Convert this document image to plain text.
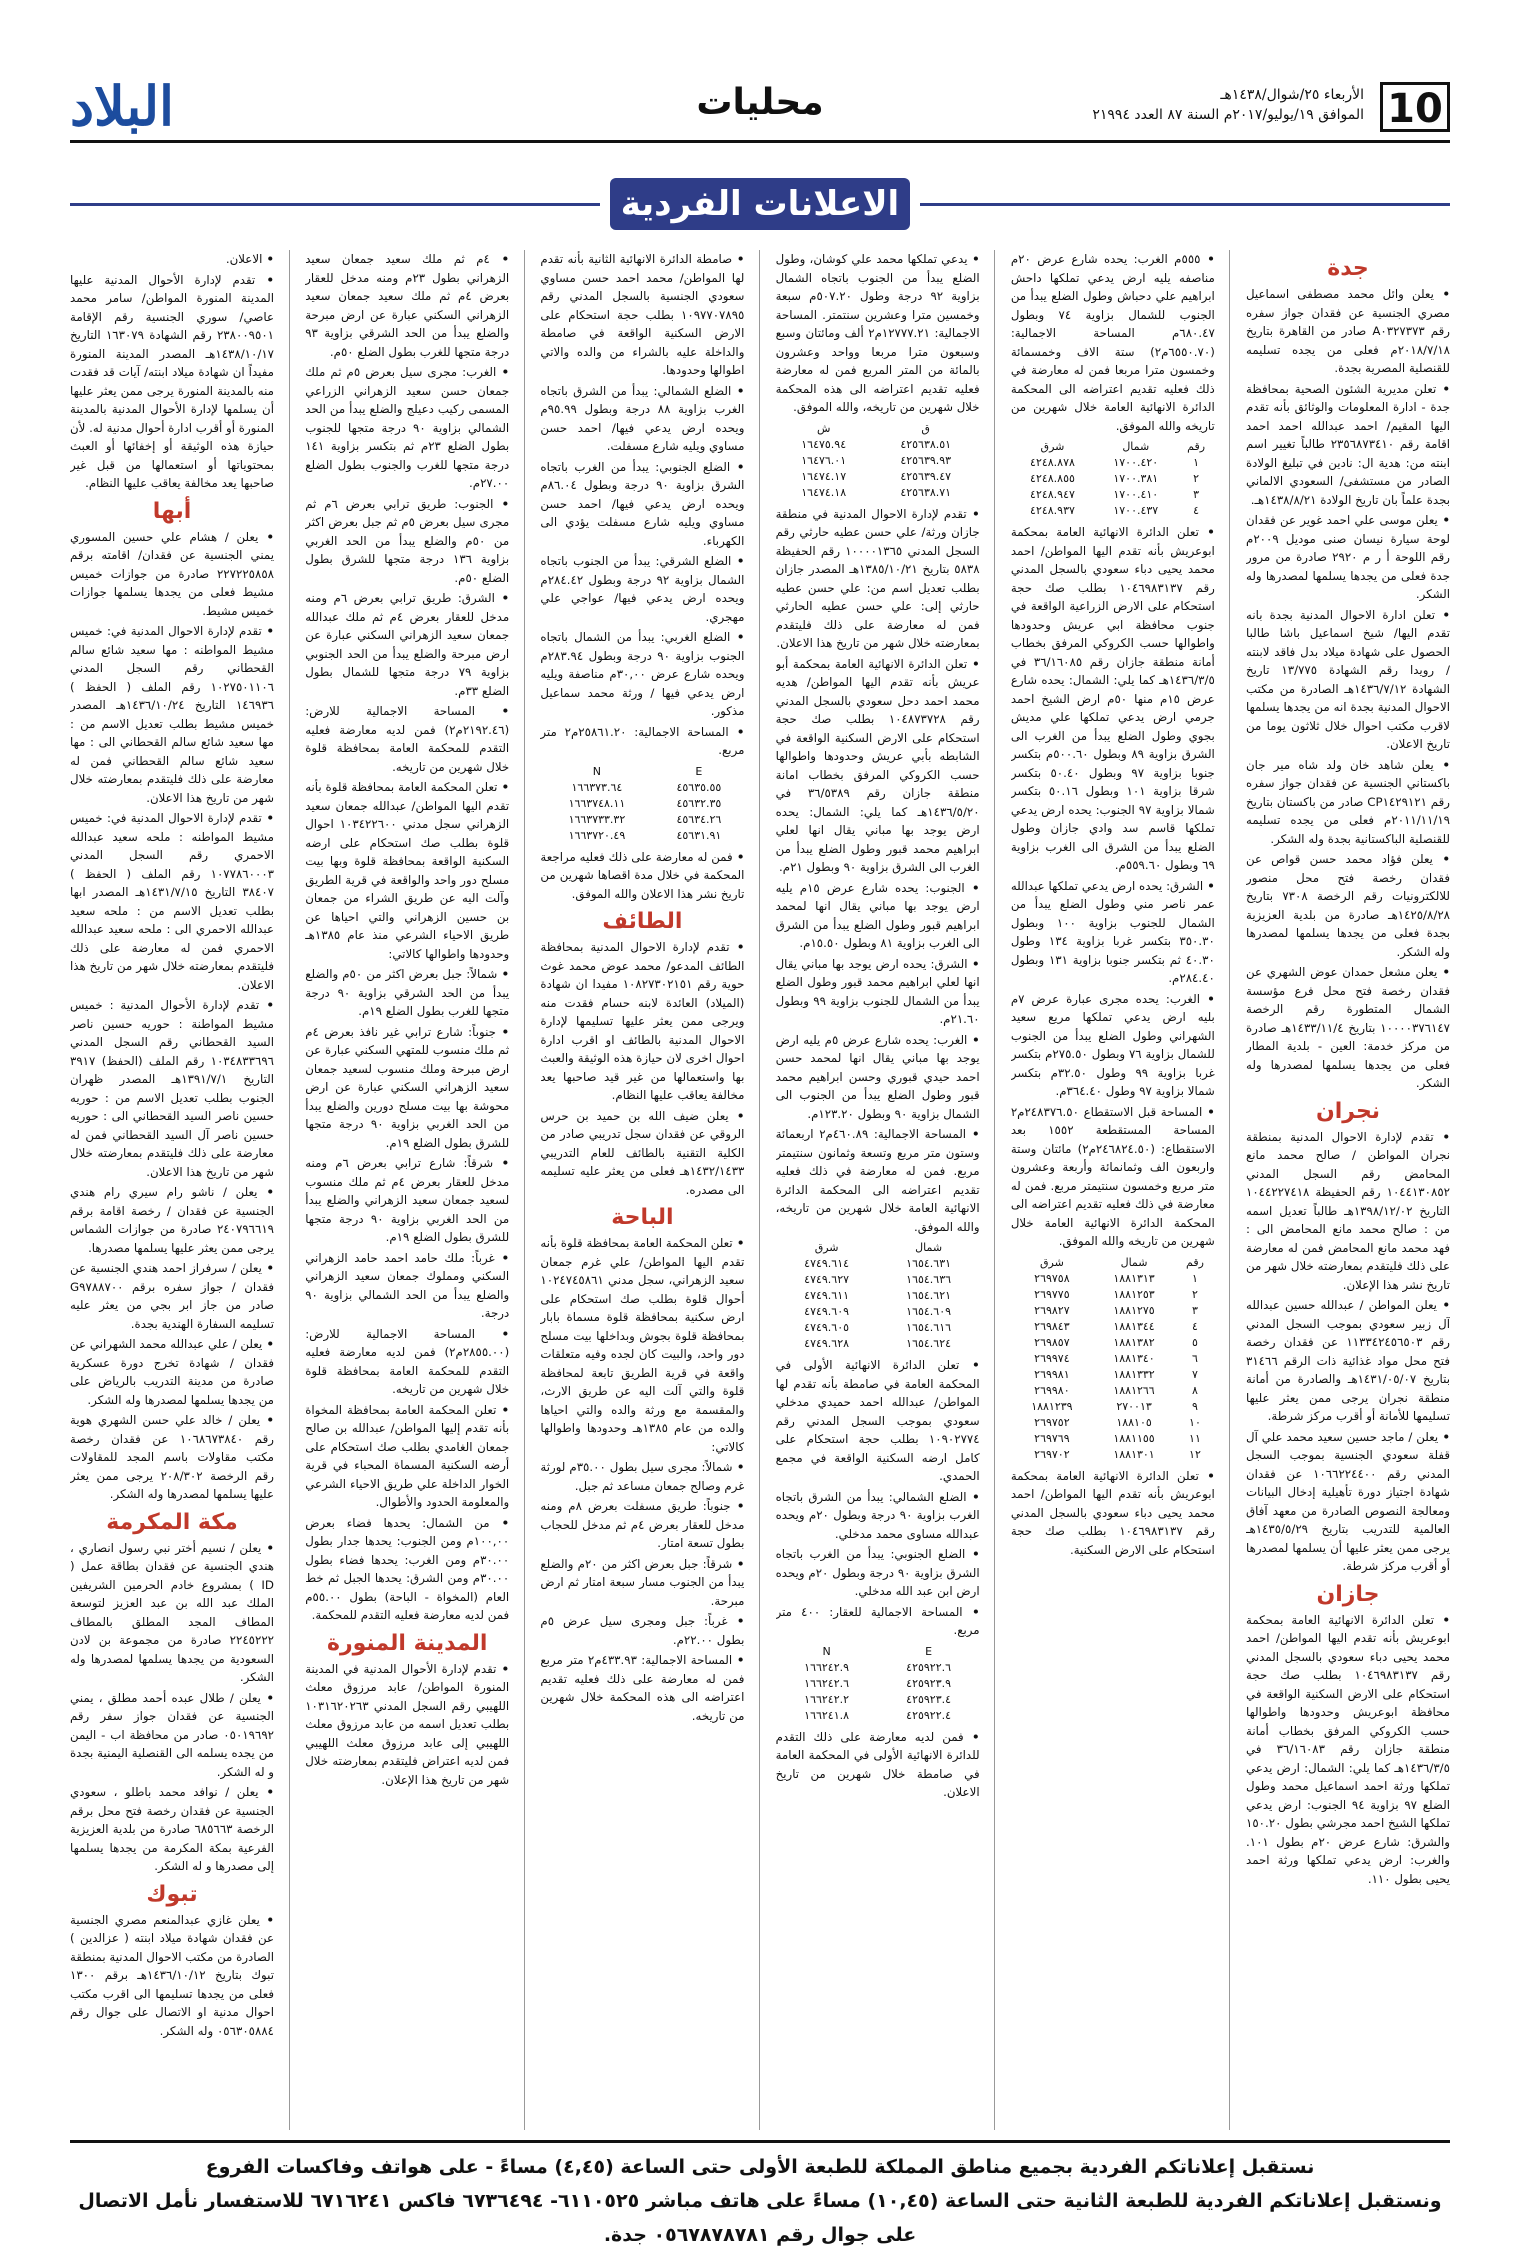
10
الأربعاء ٢٥/شوال/١٤٣٨هـ
الموافق ١٩/يوليو/٢٠١٧م السنة ٨٧ العدد ٢١٩٩٤
محليات
البلاد
الاعلانات الفردية
جدة

• يعلن وائل محمد مصطفى اسماعيل مصري الجنسية عن فقدان جواز سفره رقم A٠٣٢٧٣٧٣ صادر من القاهرة بتاريخ ٢٠١٨/٧/١٨م فعلى من يجده تسليمه للقنصلية المصرية بجدة.

• تعلن مديرية الشئون الصحية بمحافظة جدة - ادارة المعلومات والوثائق بأنه تقدم اليها المقيم/ احمد عبدالله احمد احمد اقامة رقم ٢٣٥٦٨٧٣٤١٠ طالباً تغيير اسم ابنته من: هدية ال: نادين في تبليغ الولادة الصادر من مستشفى/ السعودي الالماني بجدة علماً بان تاريخ الولادة ١٤٣٨/٨/٢١هـ.

• يعلن موسى علي احمد غوير عن فقدان لوحة سيارة نيسان صنى موديل ٢٠٠٩م رقم اللوحة أ ر م ٢٩٢٠ صادرة من مرور جدة فعلى من يجدها يسلمها لمصدرها وله الشكر.

• تعلن ادارة الاحوال المدنية بجدة بانه تقدم اليها/ شيخ اسماعيل باشا طالبا الحصول على شهادة ميلاد بدل فاقد لابنته / رويدا رقم الشهادة ١٣/٧٧٥ تاريخ الشهادة ١٤٣٦/٧/١٢هـ الصادرة من مكتب الاحوال المدنية بجدة انه من يجدها يسلمها لاقرب مكتب احوال خلال ثلاثون يوما من تاريخ الاعلان.

• يعلن شاهد خان ولد شاه مير جان باكستاني الجنسية عن فقدان جواز سفره رقم CP١٤٢٩١٢١ صادر من باكستان بتاريخ ٢٠١١/١١/١٩م فعلى من يجده تسليمه للقنصلية الباكستانية بجدة وله الشكر.

• يعلن فؤاد محمد حسن قواص عن فقدان رخصة فتح محل منصور للالكترونيات رقم الرخصة ٧٣٠٨ بتاريخ ١٤٢٥/٨/٢٨هـ صادرة من بلدية العزيزية بجدة فعلى من يجدها يسلمها لمصدرها وله الشكر.

• يعلن مشعل حمدان عوض الشهري عن فقدان رخصة فتح محل فرع مؤسسة الشمال المتطورة رقم الرخصة ١٠٠٠٠٣٧٦١٤٧ بتاريخ ١٤٣٣/١١/٤هـ صادرة من مركز خدمة: العين - بلدية المطار فعلى من يجدها يسلمها لمصدرها وله الشكر.

نجران

• تقدم لإدارة الاحوال المدنية بمنطقة نجران المواطن / صالح محمد مانع المحامض رقم السجل المدني ١٠٤٤١٣٠٨٥٢ رقم الحفيظة ١٠٤٤٢٢٧٤١٨ التاريخ ١٣٩٨/١٢/٠٢هـ طالباً تعديل اسمه من : صالح محمد مانع المحامض الى : فهد محمد مانع المحامض فمن له معارضة على ذلك فليتقدم بمعارضته خلال شهر من تاريخ نشر هذا الإعلان.

• يعلن المواطن / عبدالله حسين عبدالله آل زبير سعودي بموجب السجل المدني رقم ١١٣٣٤٢٤٥٦٥٠٣ عن فقدان رخصة فتح محل مواد غذائية ذات الرقم ٣١٤٦٦ بتاريخ ١٤٣١/٠٥/٠٧هـ والصادرة من أمانة منطقة نجران يرجى ممن يعثر عليها تسليمها للأمانة أو أقرب مركز شرطة.

• يعلن / ماجد حسين سعيد محمد علي آل قفلة سعودي الجنسية بموجب السجل المدني رقم ١٠٦٦٢٢٤٤٠٠ عن فقدان شهادة اجتياز دورة تأهيلية إدخال البيانات ومعالجة النصوص الصادرة من معهد آفاق العالمية للتدريب بتاريخ ١٤٣٥/٥/٢٩هـ يرجى ممن يعثر عليها أن يسلمها لمصدرها أو أقرب مركز شرطة.

جازان

• تعلن الدائرة الانهائية العامة بمحكمة ابوعريش بأنه تقدم اليها المواطن/ احمد محمد يحيى دباء سعودي بالسجل المدني رقم ١٠٤٦٩٨٣١٣٧ بطلب صك حجة استحكام على الارض السكنية الواقعة في محافظة ابوعريش وحدودها واطوالها حسب الكروكي المرفق بخطاب أمانة منطقة جازان رقم ٣٦/١٦٠٨٣ في ١٤٣٦/٣/٥هـ كما يلي: الشمال: ارض يدعي تملكها ورثة احمد اسماعيل محمد وطول الضلع ٩٧ بزاوية ٩٤ الجنوب: ارض يدعي تملكها الشيخ احمد مجرشي بطول ١٥٠.٢٠ والشرق: شارع عرض ٢٠م بطول ١٠١. والغرب: ارض يدعي تملكها ورثة احمد يحيى بطول ١١٠.

• ٥٥٥م الغرب: يحده شارع عرض ٢٠م مناصفه يليه ارض يدعي تملكها داحش ابراهيم علي دحباش وطول الضلع يبدأ من الجنوب للشمال بزاوية ٧٤ وبطول ٦٨٠.٤٧م المساحة الاجمالية: (٦٥٥٠.٧٠م٢) ستة الاف وخمسمائة وخمسون مترا مربعا فمن له معارضة في ذلك فعليه تقديم اعتراضه الى المحكمة الدائرة الانهائية العامة خلال شهرين من تاريخه والله الموفق.

شرق	شمال	رقم
٤٢٤٨.٨٧٨	١٧٠٠.٤٢٠	١
٤٢٤٨.٨٥٥	١٧٠٠.٣٨١	٢
٤٢٤٨.٩٤٧	١٧٠٠.٤١٠	٣
٤٢٤٨.٩٣٧	١٧٠٠.٤٣٧	٤

• تعلن الدائرة الانهائية العامة بمحكمة ابوعريش بأنه تقدم اليها المواطن/ احمد محمد يحيى دباء سعودي بالسجل المدني رقم ١٠٤٦٩٨٣١٣٧ بطلب صك حجة استحكام على الارض الزراعية الواقعة في جنوب محافظة ابي عريش وحدودها واطوالها حسب الكروكي المرفق بخطاب أمانة منطقة جازان رقم ٣٦/١٦٠٨٥ في ١٤٣٦/٣/٥هـ كما يلي: الشمال: يحده شارع عرض ١٥م منها ٥٠م ارض الشيخ احمد جرمي ارض يدعي تملكها علي مديش بجوي وطول الضلع يبدأ من الغرب الى الشرق بزاوية ٨٩ وبطول ٥٠٠.٦٠م بتكسر جنوبا بزاوية ٩٧ وبطول ٥٠.٤٠ بتكسر شرقا بزاوية ١٠١ وبطول ٥٠.١٦ بتكسر شمالا بزاوية ٩٧ الجنوب: يحده ارض يدعي تملكها قاسم سد وادي جازان وطول الضلع يبدأ من الشرق الى الغرب بزاوية ٦٩ وبطول ٥٥٩.٦٠م.

• الشرق: يحده ارض يدعي تملكها عبدالله عمر ناصر مني وطول الضلع يبدأ من الشمال للجنوب بزاوية ١٠٠ وبطول ٣٥٠.٣٠ بتكسر غربا بزاوية ١٣٤ وطول ٤٠.٣٠ ثم بتكسر جنوبا بزاوية ١٣١ وبطول ٢٨٤.٤٠م.

• الغرب: يحده مجرى عبارة عرض ٧م بليه ارض يدعي تملكها مريع سعيد الشهراني وطول الضلع يبدأ من الجنوب للشمال بزاوية ٧٦ وبطول ٢٧٥.٥٠م بتكسر غربا بزاوية ٩٩ وطول ٣٢.٥٠م بتكسر شمالا بزاوية ٩٧ وطول ٣٦٤.٤٠م.

• المساحة قبل الاستقطاع ٢٤٨٣٧٦.٥٠م٢ المساحة المستقطعة ١٥٥٢ بعد الاستقطاع: (٢٤٦٨٢٤.٥٠م٢) مائتان وستة واربعون الف وثمانمائة وأربعة وعشرون متر مربع وخمسون سنتيمتر مربع. فمن له معارضة في ذلك فعليه تقديم اعتراضه الى المحكمة الدائرة الانهائية العامة خلال شهرين من تاريخه والله الموفق.

شرق	شمال	رقم
٢٦٩٧٥٨	١٨٨١٣١٣	١
٢٦٩٧٧٥	١٨٨١٢٥٣	٢
٢٦٩٨٢٧	١٨٨١٢٧٥	٣
٢٦٩٨٤٣	١٨٨١٣٤٤	٤
٢٦٩٨٥٧	١٨٨١٣٨٢	٥
٢٦٩٩٧٤	١٨٨١٣٤٠	٦
٢٦٩٩٨١	١٨٨١٣٣٢	٧
٢٦٩٩٨٠	١٨٨١٢٦٦	٨
١٨٨١٢٣٩	٢٧٠٠١٣	٩
٢٦٩٧٥٢	١٨٨١٠٥	١٠
٢٦٩٧٦٩	١٨٨١١٥٥	١١
٢٦٩٧٠٢	١٨٨١٣٠١	١٢

• تعلن الدائرة الانهائية العامة بمحكمة ابوعريش بأنه تقدم اليها المواطن/ احمد محمد يحيى دباء سعودي بالسجل المدني رقم ١٠٤٦٩٨٣١٣٧ بطلب صك حجة استحكام على الارض السكنية.

• يدعي تملكها محمد علي كوشان، وطول الضلع يبدأ من الجنوب باتجاه الشمال بزاوية ٩٢ درجة وطول ٥٠٧.٢٠م سبعة وخمسين مترا وعشرين سنتمتر. المساحة الاجمالية: ١٢٧٧٧.٢١م٢ ألف ومائتان وسبع وسبعون مترا مربعا وواحد وعشرون بالمائة من المتر المربع فمن له معارضة فعليه تقديم اعتراضه الى هذه المحكمة خلال شهرين من تاريخه، والله الموفق.

ش	ق
١٦٤٧٥.٩٤	٤٢٥٦٣٨.٥١
١٦٤٧٦.٠١	٤٢٥٦٣٩.٩٣
١٦٤٧٤.١٧	٤٢٥٦٣٩.٤٧
١٦٤٧٤.١٨	٤٢٥٦٣٨.٧١

• تقدم لإدارة الاحوال المدنية في منطقة جازان ورثة/ علي حسن عطيه حارثي رقم السجل المدني ١٠٠٠٠١٣٦٥ رقم الحفيظة ٥٨٣٨ بتاريخ ١٣٨٥/١٠/٢١هـ المصدر جازان بطلب تعديل اسم من: علي حسن عطيه حارثي إلى: علي حسن عطيه الحارثي فمن له معارضة على ذلك فليتقدم بمعارضته خلال شهر من تاريخ هذا الاعلان.

• تعلن الدائرة الانهائية العامة بمحكمة أبو عريش بأنه تقدم اليها المواطن/ هديه محمد احمد دحل سعودي بالسجل المدني رقم ١٠٤٨٧٣٧٢٨ بطلب صك حجة استحكام على الارض السكنية الواقعة في الشابطه بأبي عريش وحدودها واطوالها حسب الكروكي المرفق بخطاب امانة منطقة جازان رقم ٣٦/٥٣٨٩ في ١٤٣٦/٥/٢٠هـ كما يلي: الشمال: يحده ارض يوجد بها مباني يقال انها لعلي ابراهيم محمد قبور وطول الضلع يبدأ من الغرب الى الشرق بزاوية ٩٠ وبطول ٢١م.

• الجنوب: يحده شارع عرض ١٥م يليه ارض يوجد بها مباني يقال انها لمحمد ابراهيم قبور وطول الضلع يبدأ من الشرق الى الغرب بزاوية ٨١ وبطول ١٥.٥٠م.

• الشرق: يحده ارض يوجد بها مباني يقال انها لعلي ابراهيم محمد قبور وطول الضلع يبدأ من الشمال للجنوب بزاوية ٩٩ وبطول ٢١.٦٠م.

• الغرب: يحده شارع عرض ٥م يليه ارض يوجد بها مباني يقال انها لمحمد حسن احمد حيدي قبوري وحسن ابراهيم محمد قبور وطول الضلع يبدأ من الجنوب الى الشمال بزاوية ٩٠ وبطول ١٢٣.٢٠م.

• المساحة الاجمالية: ٤٦٠.٨٩م٢ اربعمائة وستون متر مربع وتسعة وثمانون سنتيمتر مربع. فمن له معارضة في ذلك فعليه تقديم اعتراضه الى المحكمة الدائرة الانهائية العامة خلال شهرين من تاريخه، والله الموفق.

شرق	شمال
٤٧٤٩.٦١٤	١٦٥٤.٦٣١
٤٧٤٩.٦٢٧	١٦٥٤.٦٣٦
٤٧٤٩.٦١١	١٦٥٤.٦٢١
٤٧٤٩.٦٠٩	١٦٥٤.٦٠٩
٤٧٤٩.٦٠٥	١٦٥٤.٦١٦
٤٧٤٩.٦٢٨	١٦٥٤.٦٢٤

• تعلن الدائرة الانهائية الأولى في المحكمة العامة في صامطة بأنه تقدم لها المواطن/ عبدالله احمد حميدي مدخلي سعودي بموجب السجل المدني رقم ١٠٩٠٢٧٧٤ بطلب حجة استحكام على كامل ارضه السكنية الواقعة في مجمع الحمدي.

• الضلع الشمالي: يبدأ من الشرق باتجاه الغرب بزاوية ٩٠ درجة وبطول ٢٠م ويحده عبدالله مساوى محمد مدخلي.

• الضلع الجنوبي: يبدأ من الغرب باتجاه الشرق بزاوية ٩٠ درجة وبطول ٢٠م ويحده ارض ابن عبد الله مدخلي.

• المساحة الاجمالية للعقار: ٤٠٠ متر مربع.

N	E
١٦٦٢٤٢.٩	٤٢٥٩٢٢.٦
١٦٦٢٤٢.٦	٤٢٥٩٢٣.٩
١٦٦٢٤٢.٢	٤٢٥٩٢٣.٤
١٦٦٢٤١.٨	٤٢٥٩٢٢.٤

• فمن لديه معارضة على ذلك التقدم للدائرة الانهائية الأولى في المحكمة العامة في صامطة خلال شهرين من تاريخ الاعلان.

• صامطة الدائرة الانهائية الثانية بأنه تقدم لها المواطن/ محمد احمد حسن مساوي سعودي الجنسية بالسجل المدني رقم ١٠٩٧٧٠٧٨٩٥ بطلب حجة استحكام على الارض السكنية الواقعة في صامطة والداخلة عليه بالشراء من والده والاتي اطوالها وحدودها.

• الضلع الشمالي: يبدأ من الشرق باتجاه الغرب بزاوية ٨٨ درجة وبطول ٩٥.٩٩م ويحده ارض يدعي فيها/ احمد حسن مساوي ويليه شارع مسفلت.

• الضلع الجنوبي: يبدأ من الغرب باتجاه الشرق بزاوية ٩٠ درجة وبطول ٨٦.٠٤م ويحده ارض يدعي فيها/ احمد حسن مساوي ويليه شارع مسفلت يؤدي الى الكهرباء.

• الضلع الشرقي: يبدأ من الجنوب باتجاه الشمال بزاوية ٩٢ درجة وبطول ٢٨٤.٤٢م ويحده ارض يدعي فيها/ عواجي علي مهجري.

• الضلع الغربي: يبدأ من الشمال باتجاه الجنوب بزاوية ٩٠ درجة وبطول ٢٨٣.٩٤م ويحده شارع عرض ٣٠,٠٠م مناصفة ويليه ارض يدعي فيها / ورثة محمد سماعيل مذكور.

• المساحة الاجمالية: ٢٥٨٦١.٢٠م٢ متر مربع.

N	E
١٦٦٣٧٣.٦٤	٤٥٦٣٥.٥٥
١٦٦٣٧٤٨.١١	٤٥٦٣٢.٣٥
١٦٦٣٧٣٣.٣٢	٤٥٦٣٤.٢٦
١٦٦٣٧٢٠.٤٩	٤٥٦٣١.٩١

• فمن له معارضة على ذلك فعليه مراجعة المحكمة في خلال مدة اقصاها شهرين من تاريخ نشر هذا الاعلان والله الموفق.

الطائف

• تقدم لإدارة الاحوال المدنية بمحافظة الطائف المدعو/ محمد عوض محمد غوث حوية رقم ١٠٨٢٧٣٠٢١٥١ مفيدا ان شهادة (الميلاد) العائدة لابنه حسام فقدت منه ويرجى ممن يعثر عليها تسليمها لإدارة الاحوال المدنية بالطائف او اقرب ادارة احوال اخرى لان حيازة هذه الوثيقة والعبث بها واستعمالها من غير قيد صاحبها يعد مخالفة يعاقب عليها النظام.

• يعلن ضيف الله بن حميد بن حرس الروقي عن فقدان سجل تدريبي صادر من الكلية التقنية بالطائف للعام التدريبي ١٤٣٢/١٤٣٣هـ فعلى من يعثر عليه تسليمه الى مصدره.

الباحة

• تعلن المحكمة العامة بمحافظة قلوة بأنه تقدم اليها المواطن/ علي غرم جمعان سعيد الزهراني، سجل مدني ١٠٢٤٧٤٥٨٦١ أحوال قلوة بطلب صك استحكام على ارض سكنية بمحافظة قلوة مسماة بابار بمحافظة قلوة بجوش وبداخلها بيت مسلح دور واحد، والبيت كان لجده وفيه متعلقات واقعة في قرية الطريق تابعة لمحافظة قلوة والتي آلت اليه عن طريق الارث، والمقسمة مع ورثة والده والتي احياها والده من عام ١٣٨٥هـ وحدودها واطوالها كالاتي:

• شمالاً: مجرى سيل بطول ٣٥.٠٠م لورثة غرم وصالح جمعان مساعد ثم جبل.

• جنوباً: طريق مسفلت بعرض ٨م ومنه مدخل للعقار بعرض ٤م ثم مدخل للحجاب بطول تسعة امتار.

• شرقاً: جبل بعرض اكثر من ٢٠م والضلع يبدأ من الجنوب مسار سبعة امتار ثم ارض مبرحة.

• غرباً: جبل ومجرى سيل عرض ٥م بطول ٢٢.٠٠م.

• المساحة الاجمالية: ٤٣٣.٩٣م٢ متر مربع فمن له معارضة على ذلك فعليه تقديم اعتراضه الى هذه المحكمة خلال شهرين من تاريخه.

• ٤م ثم ملك سعيد جمعان سعيد الزهراني بطول ٢٣م ومنه مدخل للعقار بعرض ٤م ثم ملك سعيد جمعان سعيد الزهراني السكني عبارة عن ارض مبرحة والضلع يبدأ من الحد الشرقي بزاوية ٩٣ درجة متجها للغرب بطول الضلع ٥٠م.

• الغرب: مجرى سيل بعرض ٥م ثم ملك جمعان حسن سعيد الزهراني الزراعي المسمى ركيب دعيلج والضلع يبدأ من الحد الشمالي بزاوية ٩٠ درجة متجها للجنوب بطول الضلع ٢٣م ثم بتكسر بزاوية ١٤١ درجة متجها للغرب والجنوب بطول الضلع ٢٧.٠٠م.

• الجنوب: طريق ترابي بعرض ٦م ثم مجرى سيل بعرض ٥م ثم جبل بعرض اكثر من ٥٠م والضلع يبدأ من الحد الغربي بزاوية ١٣٦ درجة متجها للشرق بطول الضلع ٥٠م.

• الشرق: طريق ترابي بعرض ٦م ومنه مدخل للعقار بعرض ٤م ثم ملك عبدالله جمعان سعيد الزهراني السكني عبارة عن ارض مبرحة والضلع يبدأ من الحد الجنوبي بزاوية ٧٩ درجة متجها للشمال بطول الضلع ٣٣م.

• المساحة الاجمالية للارض: (٢١٩٢.٤٦م٢) فمن لديه معارضة فعليه التقدم للمحكمة العامة بمحافظة قلوة خلال شهرين من تاريخه.

• تعلن المحكمة العامة بمحافظة قلوة بأنه تقدم اليها المواطن/ عبدالله جمعان سعيد الزهراني سجل مدني ١٠٣٤٢٢٦٠٠ احوال قلوة بطلب صك استحكام على ارضه السكنية الواقعة بمحافظة قلوة وبها بيت مسلح دور واحد والواقعة في قرية الطريق وآلت اليه عن طريق الشراء من جمعان بن حسين الزهراني والتي احياها عن طريق الاحياء الشرعي منذ عام ١٣٨٥هـ وحدودها واطوالها كالاتي:

• شمالاً: جبل بعرض اكثر من ٥٠م والضلع يبدأ من الحد الشرقي بزاوية ٩٠ درجة متجها للغرب بطول الضلع ١٩م.

• جنوباً: شارع ترابي غير نافذ بعرض ٤م ثم ملك منسوب للمتهي السكني عبارة عن ارض مبرحة وملك منسوب لسعيد جمعان سعيد الزهراني السكني عبارة عن ارض محوشة بها بيت مسلح دورين والضلع يبدأ من الحد الغربي بزاوية ٩٠ درجة متجها للشرق بطول الضلع ١٩م.

• شرقاً: شارع ترابي بعرض ٦م ومنه مدخل للعقار بعرض ٤م ثم ملك منسوب لسعيد جمعان سعيد الزهراني والضلع يبدأ من الحد الغربي بزاوية ٩٠ درجة متجها للشرق بطول الضلع ١٩م.

• غرباً: ملك حامد احمد حامد الزهراني السكني ومملوك جمعان سعيد الزهراني والضلع يبدأ من الحد الشمالي بزاوية ٩٠ درجة.

• المساحة الاجمالية للارض: (٢٨٥٥.٠٠م٢) فمن لديه معارضة فعليه التقدم للمحكمة العامة بمحافظة قلوة خلال شهرين من تاريخه.

• تعلن المحكمة العامة بمحافظة المخواة بأنه تقدم إليها المواطن/ عبدالله بن صالح جمعان الغامدي بطلب صك استحكام على أرضه السكنية المسماة المحباء في قرية الخوار الداخلة علي طريق الاحياء الشرعي والمعلومة الحدود والأطوال.

• من الشمال: يحدها فضاء بعرض ١٠٠,٠٠م ومن الجنوب: يحدها جدار بطول ٣٠.٠٠م ومن الغرب: يحدها فضاء بطول ٣٠.٠٠م ومن الشرق: يحدها الجبل ثم خط العام (المخواة - الباحة) بطول ٥٥.٠٠م فمن لديه معارضة فعليه التقدم للمحكمة.

المدينة المنورة

• تقدم لإدارة الأحوال المدنية في المدينة المنورة المواطن/ عابد مرزوق معلث اللهيبي رقم السجل المدني ١٠٣١٦٢٠٢٦٣ بطلب تعديل اسمه من عابد مرزوق معلث اللهيبي إلى عابد مرزوق معلث اللهيبي فمن لديه اعتراض فليتقدم بمعارضته خلال شهر من تاريخ هذا الإعلان.

• الاعلان.

• تقدم لإدارة الأحوال المدنية عليها المدينة المنورة المواطن/ سامر محمد عاصي/ سوري الجنسية رقم الإقامة ٢٣٨٠٠٩٥٠١ رقم الشهادة ١٦٣٠٧٩ التاريخ ١٤٣٨/١٠/١٧هـ المصدر المدينة المنورة مفيداً ان شهادة ميلاد ابنته/ آيات قد فقدت منه بالمدينة المنورة يرجى ممن يعثر عليها أن يسلمها لإدارة الأحوال المدنية بالمدينة المنورة أو أقرب ادارة أحوال مدنية له. لأن حيازة هذه الوثيقة أو إخفائها أو العبث بمحتوياتها أو استعمالها من قبل غير صاحبها يعد مخالفة يعاقب عليها النظام.

أبها

• يعلن / هشام علي حسين المسوري يمني الجنسية عن فقدان/ اقامته برقم ٢٢٧٢٢٥٨٥٨ صادرة من جوازات خميس مشيط فعلى من يجدها يسلمها جوازات خميس مشيط.

• تقدم لإدارة الاحوال المدنية في: خميس مشيط المواطنه : مها سعيد شائع سالم القحطاني رقم السجل المدني ١٠٢٧٥٠١١٠٦ رقم الملف ( الحفظ ) ١٤٦٩٣٦ التاريخ ١٤٣٦/١٠/٢٤هـ المصدر خميس مشيط بطلب تعديل الاسم من : مها سعيد شائع سالم القحطاني الى : مها سعيد شائع سالم القحطاني فمن له معارضة على ذلك فليتقدم بمعارضته خلال شهر من تاريخ هذا الاعلان.

• تقدم لإدارة الاحوال المدنية في: خميس مشيط المواطنه : ملحه سعيد عبدالله الاحمري رقم السجل المدني ١٠٧٧٨٦٠٠٠٣ رقم الملف ( الحفظ ) ٣٨٤٠٧ التاريخ ١٤٣١/٧/١٥هـ المصدر ابها بطلب تعديل الاسم من : ملحه سعيد عبدالله الاحمري الى : ملحه سعيد عبدالله الاحمري فمن له معارضة على ذلك فليتقدم بمعارضته خلال شهر من تاريخ هذا الاعلان.

• تقدم لإدارة الأحوال المدنية : خميس مشيط المواطنة : حوريه حسين ناصر السيد القحطاني رقم السجل المدني ١٠٣٤٨٣٣٦٩٦ رقم الملف (الحفظ) ٣٩١٧ التاريخ ١٣٩١/٧/١هـ المصدر ظهران الجنوب بطلب تعديل الاسم من : حوريه حسين ناصر السيد القحطاني الى : حوريه حسين ناصر آل السيد القحطاني فمن له معارضة على ذلك فليتقدم بمعارضته خلال شهر من تاريخ هذا الاعلان.

• يعلن / ناشو رام سيري رام هندي الجنسية عن فقدان / رخصة اقامة برقم ٢٤٠٧٩٦٦١٩ صادرة من جوازات الشماس يرجى ممن يعثر عليها يسلمها مصدرها.

• يعلن / سرفراز احمد هندي الجنسية عن فقدان / جواز سفره برقم G٩٧٨٨٧٠٠ صادر من جاز ابر بجي من يعثر عليه تسليمه السفارة الهندية بجدة.

• يعلن / علي عبدالله محمد الشهراني عن فقدان / شهادة تخرج دورة عسكرية صادرة من مدينة التدريب بالرياض على من يجدها يسلمها لمصدرها وله الشكر.

• يعلن / خالد علي حسن الشهري هوية رقم ١٠٦٨٦٧٣٨٤٠ عن فقدان رخصة مكتب مقاولات باسم المجد للمقاولات رقم الرخصة ٢٠٨/٣٠٢ يرجى ممن يعثر عليها يسلمها لمصدرها وله الشكر.

مكة المكرمة

• يعلن / نسيم أختر نبي رسول انصاري ، هندي الجنسية عن فقدان بطاقة عمل ( ID ) بمشروع خادم الحرمين الشريفين الملك عبد الله بن عبد العزيز لتوسعة المطاف المجد المطلق بالمطاف ٢٢٤٥٢٢٢ صادرة من مجموعة بن لادن السعودية من يجدها يسلمها لمصدرها وله الشكر.

• يعلن / طلال عبده أحمد مطلق ، يمني الجنسية عن فقدان جواز سفر رقم ٠٥٠١٩٦٩٢ صادر من محافظة اب - اليمن من يجده يسلمه الى القنصلية اليمنية بجدة و له الشكر.

• يعلن / نوافد محمد باطلو ، سعودي الجنسية عن فقدان رخصة فتح محل برقم الرخصة ٦٨٥٦٦٣ صادرة من بلدية العزيزية الفرعية بمكة المكرمة من يجدها يسلمها إلى مصدرها و له الشكر.

تبوك

• يعلن غازي عبدالمنعم مصري الجنسية عن فقدان شهادة ميلاد ابنته ( عزالدين ) الصادرة من مكتب الاحوال المدنية بمنطقة تبوك بتاريخ ١٤٣٦/١٠/١٢هـ برقم ١٣٠٠ فعلى من يجدها تسليمها الى اقرب مكتب احوال مدنية او الاتصال على جوال رقم ٠٥٦٣٠٥٨٨٤ وله الشكر.

نستقبل إعلاناتكم الفردية بجميع مناطق المملكة للطبعة الأولى حتى الساعة (٤,٤٥) مساءً - على هواتف وفاكسات الفروع
ونستقبل إعلاناتكم الفردية للطبعة الثانية حتى الساعة (١٠,٤٥) مساءً على هاتف مباشر ٦١١٠٥٢٥- ٦٧٣٦٤٩٤ فاكس ٦٧١٦٢٤١ للاستفسار نأمل الاتصال على جوال رقم ٠٥٦٧٨٧٨٧٨١ جدة.
